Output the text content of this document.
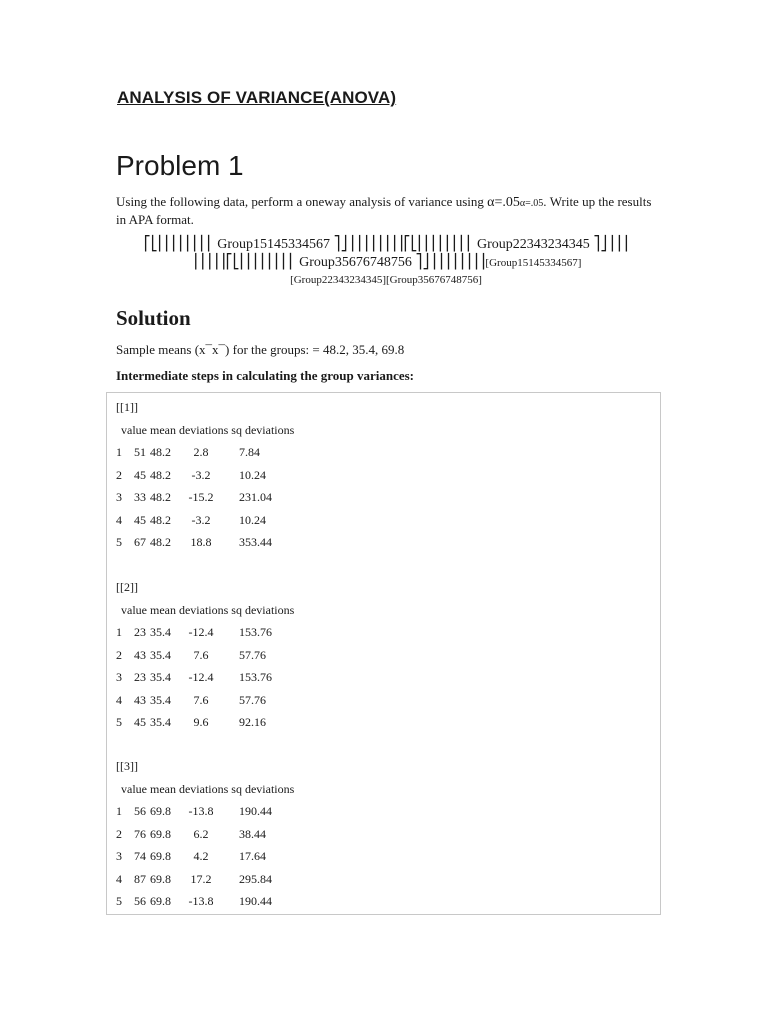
ANALYSIS OF VARIANCE(ANOVA)
Problem 1
Using the following data, perform a oneway analysis of variance using α=.05α=.05. Write up the results in APA format.
⎡⎣⎢⎢⎢⎢⎢⎢⎢⎢ Group15145334567 ⎤⎦⎥⎥⎥⎥⎥⎥⎥⎥⎡⎣⎢⎢⎢⎢⎢⎢⎢⎢ Group22343234345 ⎤⎦⎥⎥⎥
⎥⎥⎥⎥⎥⎡⎣⎢⎢⎢⎢⎢⎢⎢⎢ Group35676748756 ⎤⎦⎥⎥⎥⎥⎥⎥⎥⎥[Group15145334567]
[Group22343234345][Group35676748756]
Solution
Sample means (x¯x¯) for the groups: = 48.2, 35.4, 69.8
Intermediate steps in calculating the group variances:
[[1]]
value mean deviations sq deviations
1 51 48.2	2.8	7.84
2 45 48.2	-3.2	10.24
3 33 48.2	-15.2	231.04
4 45 48.2	-3.2	10.24
5 67 48.2	18.8	353.44
[[2]]
value mean deviations sq deviations
1 23 35.4	-12.4	153.76
2 43 35.4	7.6	57.76
3 23 35.4	-12.4	153.76
4 43 35.4	7.6	57.76
5 45 35.4	9.6	92.16
[[3]]
value mean deviations sq deviations
1 56 69.8	-13.8	190.44
2 76 69.8	6.2	38.44
3 74 69.8	4.2	17.64
4 87 69.8	17.2	295.84
5 56 69.8	-13.8	190.44
